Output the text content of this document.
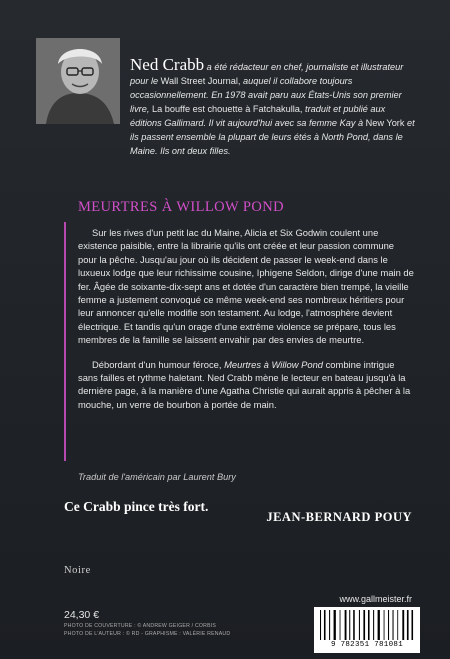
Ned Crabb a été rédacteur en chef, journaliste et illustrateur pour le Wall Street Journal, auquel il collabore toujours occasionnellement. En 1978 avait paru aux États-Unis son premier livre, La bouffe est chouette à Fatchakulla, traduit et publié aux éditions Gallimard. Il vit aujourd'hui avec sa femme Kay à New York et ils passent ensemble la plupart de leurs étés à North Pond, dans le Maine. Ils ont deux filles.
MEURTRES À WILLOW POND

Sur les rives d'un petit lac du Maine, Alicia et Six Godwin coulent une existence paisible, entre la librairie qu'ils ont créée et leur passion commune pour la pêche. Jusqu'au jour où ils décident de passer le week-end dans le luxueux lodge que leur richissime cousine, Iphigene Seldon, dirige d'une main de fer. Âgée de soixante-dix-sept ans et dotée d'un caractère bien trempé, la vieille femme a justement convoqué ce même week-end ses nombreux héritiers pour leur annoncer qu'elle modifie son testament. Au lodge, l'atmosphère devient électrique. Et tandis qu'un orage d'une extrême violence se prépare, tous les membres de la famille se laissent envahir par des envies de meurtre.

Débordant d'un humour féroce, Meurtres à Willow Pond combine intrigue sans failles et rythme haletant. Ned Crabb mène le lecteur en bateau jusqu'à la dernière page, à la manière d'une Agatha Christie qui aurait appris à pêcher à la mouche, un verre de bourbon à portée de main.

Traduit de l'américain par Laurent Bury
Ce Crabb pince très fort.
JEAN-BERNARD POUY
Noire
www.gallmeister.fr
24,30 €
PHOTO DE COUVERTURE : © ANDREW GEIGER / CORBIS
PHOTO DE L'AUTEUR : © RD - GRAPHISME : VALÉRIE RENAUD
9 782351 781081
